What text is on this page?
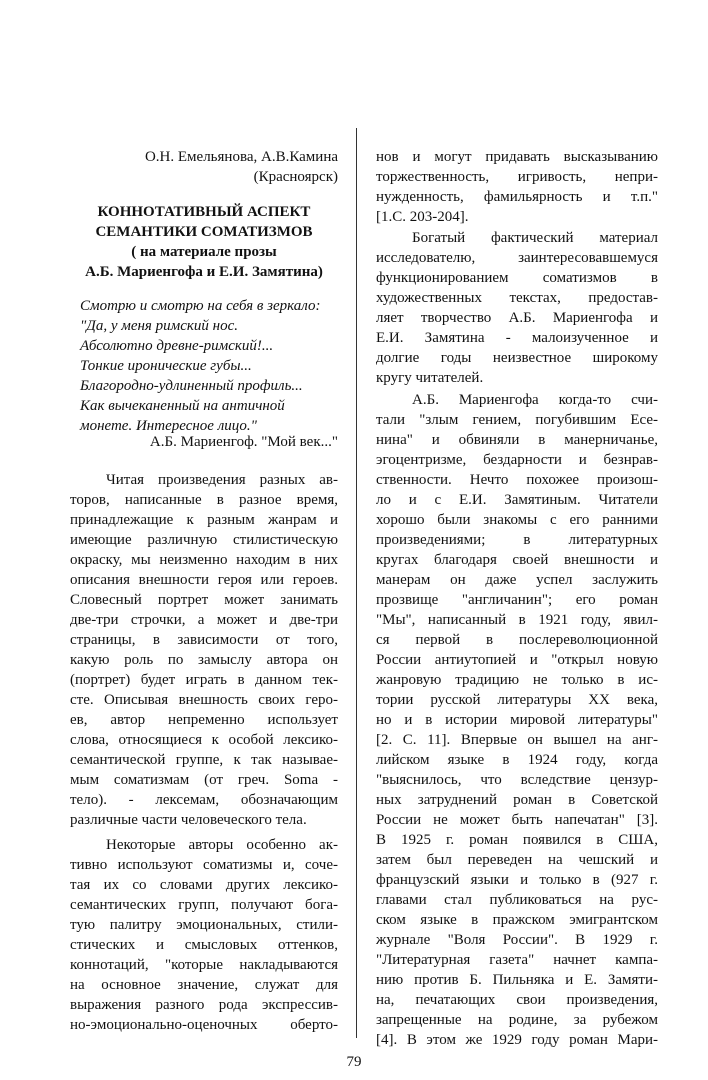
О.Н. Емельянова, А.В.Камина
(Красноярск)
КОННОТАТИВНЫЙ АСПЕКТ
СЕМАНТИКИ СОМАТИЗМОВ
( на материале прозы
А.Б. Мариенгофа и Е.И. Замятина)
Смотрю и смотрю на себя в зеркало:
"Да, у меня римский нос.
Абсолютно древне-римский!...
Тонкие иронические губы...
Благородно-удлиненный профиль...
Как вычеканенный на античной
монете. Интересное лицо."
А.Б. Мариенгоф. "Мой век..."
Читая произведения разных ав-
торов, написанные в разное время,
принадлежащие к разным жанрам и
имеющие различную стилистическую
окраску, мы неизменно находим в них
описания внешности героя или героев.
Словесный портрет может занимать
две-три строчки, а может и две-три
страницы, в зависимости от того,
какую роль по замыслу автора он
(портрет) будет играть в данном тек-
сте. Описывая внешность своих геро-
ев, автор непременно использует
слова, относящиеся к особой лексико-
семантической группе, к так называе-
мым соматизмам (от греч. Soma -
тело). - лексемам, обозначающим
различные части человеческого тела.
Некоторые авторы особенно ак-
тивно используют соматизмы и, соче-
тая их со словами других лексико-
семантических групп, получают бога-
тую палитру эмоциональных, стили-
стических и смысловых оттенков,
коннотаций, "которые накладываются
на основное значение, служат для
выражения разного рода экспрессив-
но-эмоционально-оценочных оберто-
нов и могут придавать высказыванию
торжественность, игривость, непри-
нужденность, фамильярность и т.п."
[1.С. 203-204].
Богатый фактический материал
исследователю, заинтересовавшемуся
функционированием соматизмов в
художественных текстах, предостав-
ляет творчество А.Б. Мариенгофа и
Е.И. Замятина - малоизученное и
долгие годы неизвестное широкому
кругу читателей.
А.Б. Мариенгофа когда-то счи-
тали "злым гением, погубившим Есе-
нина" и обвиняли в манерничанье,
эгоцентризме, бездарности и безнрав-
ственности. Нечто похожее произош-
ло и с Е.И. Замятиным. Читатели
хорошо были знакомы с его ранними
произведениями; в литературных
кругах благодаря своей внешности и
манерам он даже успел заслужить
прозвище "англичанин"; его роман
"Мы", написанный в 1921 году, явил-
ся первой в послереволюционной
России антиутопией и "открыл новую
жанровую традицию не только в ис-
тории русской литературы XX века,
но и в истории мировой литературы"
[2. С. 11]. Впервые он вышел на анг-
лийском языке в 1924 году, когда
"выяснилось, что вследствие цензур-
ных затруднений роман в Советской
России не может быть напечатан" [3].
В 1925 г. роман появился в США,
затем был переведен на чешский и
французский языки и только в (927 г.
главами стал публиковаться на рус-
ском языке в пражском эмигрантском
журнале "Воля России". В 1929 г.
"Литературная газета" начнет кампа-
нию против Б. Пильняка и Е. Замяти-
на, печатающих свои произведения,
запрещенные на родине, за рубежом
[4]. В этом же 1929 году роман Мари-
79
